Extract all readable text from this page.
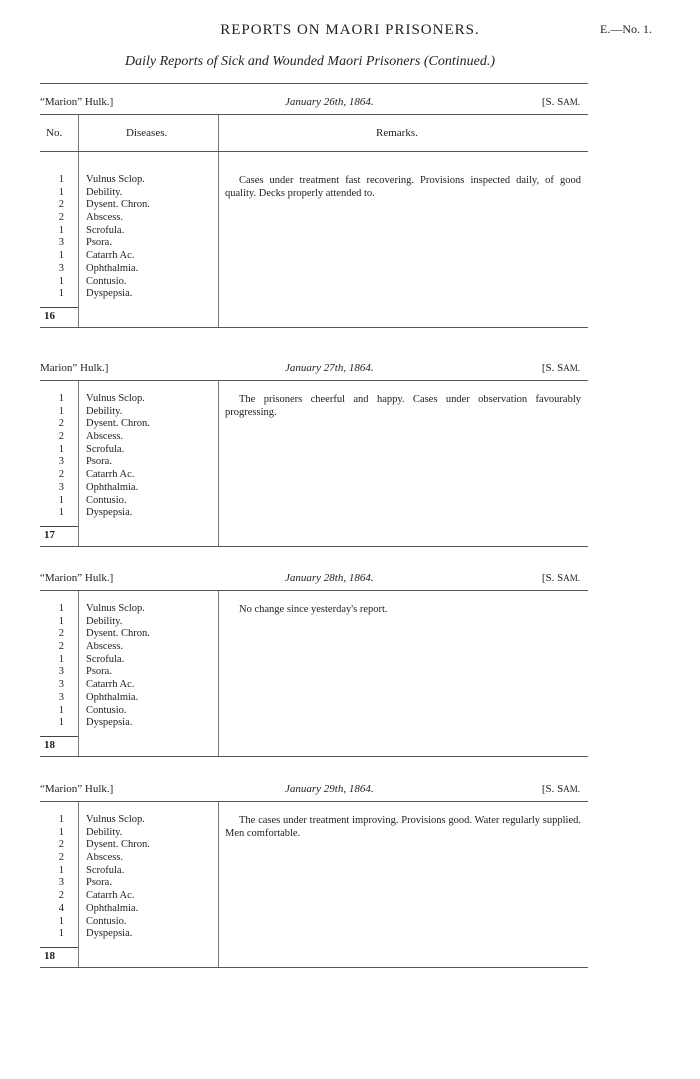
REPORTS ON MAORI PRISONERS.	E.—No. 1.
Daily Reports of Sick and Wounded Maori Prisoners (Continued.)
“Marion” Hulk.]	January 26th, 1864.	[S. SAM.
No.	Diseases.	Remarks.
1 Vulnus Sclop.
1 Debility.
2 Dysent. Chron.
2 Abscess.
1 Scrofula.
3 Psora.
1 Catarrh Ac.
3 Ophthalmia.
1 Contusio.
1 Dyspepsia.
Cases under treatment fast recovering. Provisions inspected daily, of good quality. Decks properly attended to.
16
Marion” Hulk.]	January 27th, 1864.	[S. SAM.
1 Vulnus Sclop.
1 Debility.
2 Dysent. Chron.
2 Abscess.
1 Scrofula.
3 Psora.
2 Catarrh Ac.
3 Ophthalmia.
1 Contusio.
1 Dyspepsia.
The prisoners cheerful and happy. Cases under observation favourably progressing.
17
“Marion” Hulk.]	January 28th, 1864.	[S. SAM.
1 Vulnus Sclop.
1 Debility.
2 Dysent. Chron.
2 Abscess.
1 Scrofula.
3 Psora.
3 Catarrh Ac.
3 Ophthalmia.
1 Contusio.
1 Dyspepsia.
No change since yesterday's report.
18
“Marion” Hulk.]	January 29th, 1864.	[S. SAM.
1 Vulnus Sclop.
1 Debility.
2 Dysent. Chron.
2 Abscess.
1 Scrofula.
3 Psora.
2 Catarrh Ac.
4 Ophthalmia.
1 Contusio.
1 Dyspepsia.
The cases under treatment improving. Provisions good. Water regularly supplied. Men comfortable.
18
